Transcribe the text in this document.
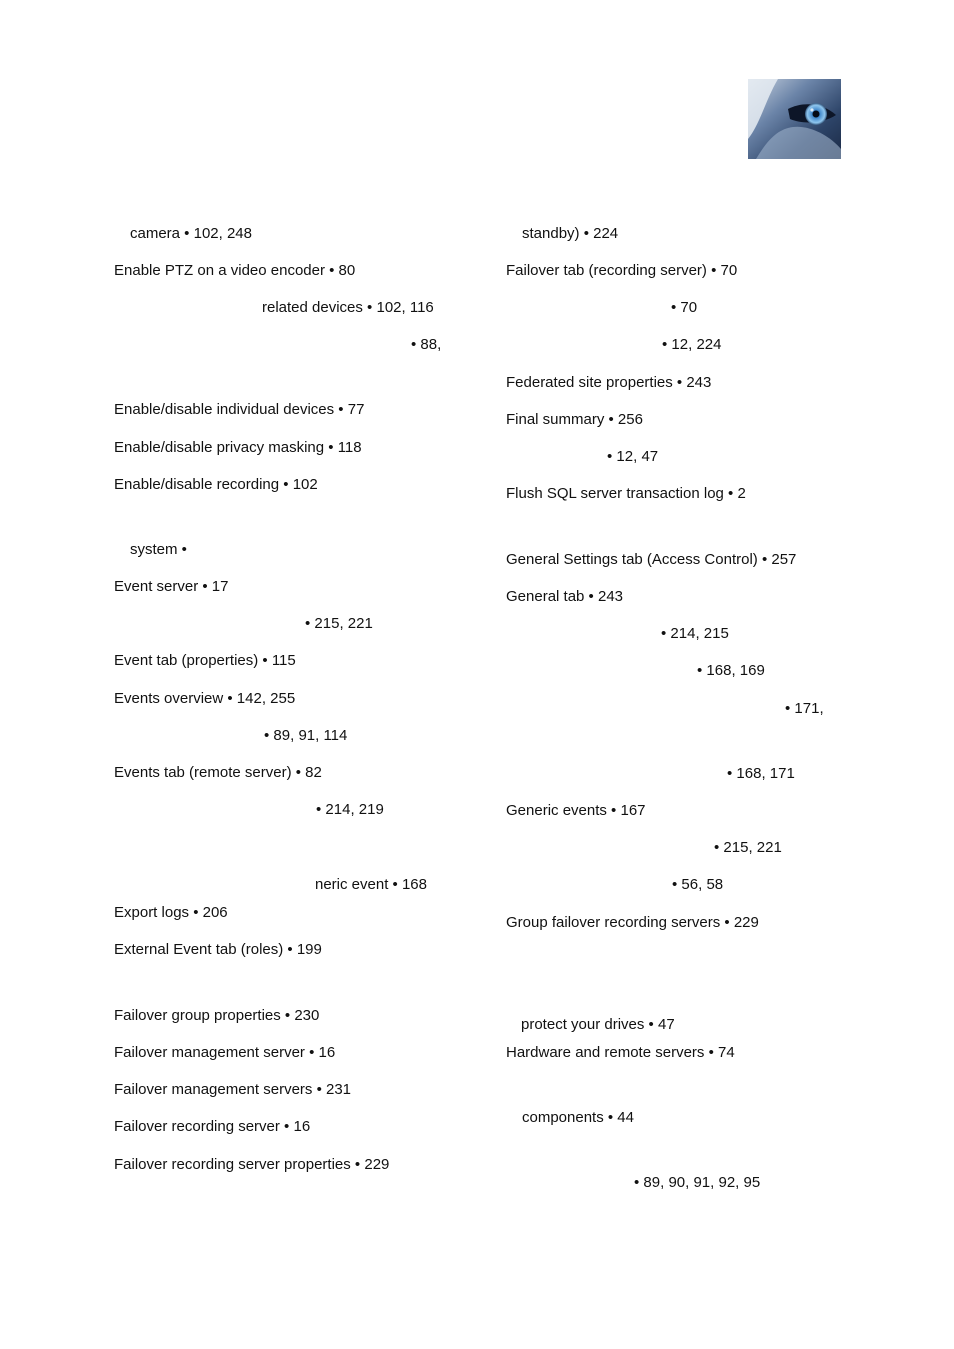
camera • 102, 248
Enable PTZ on a video encoder • 80
related devices • 102, 116
• 88,
Enable/disable individual devices • 77
Enable/disable privacy masking • 118
Enable/disable recording • 102
system •
Event server • 17
• 215, 221
Event tab (properties) • 115
Events overview • 142, 255
• 89, 91, 114
Events tab (remote server) • 82
• 214, 219
neric event • 168
Export logs • 206
External Event tab (roles) • 199
Failover group properties • 230
Failover management server • 16
Failover management servers • 231
Failover recording server • 16
Failover recording server properties • 229
standby) • 224
Failover tab (recording server) • 70
• 70
• 12, 224
Federated site properties • 243
Final summary • 256
• 12, 47
Flush SQL server transaction log • 2
General Settings tab (Access Control) • 257
General tab • 243
• 214, 215
• 168, 169
• 171,
• 168, 171
Generic events • 167
• 215, 221
• 56, 58
Group failover recording servers • 229
protect your drives • 47
Hardware and remote servers • 74
components • 44
• 89, 90, 91, 92, 95
